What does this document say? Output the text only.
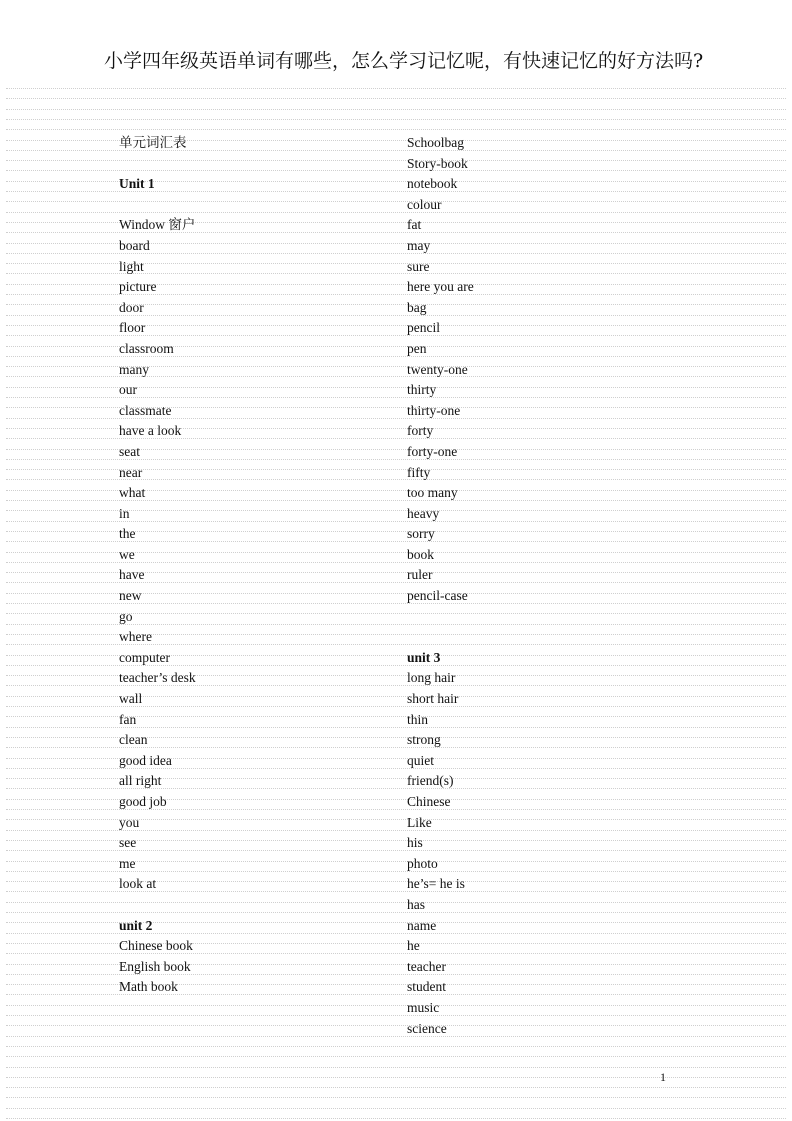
小学四年级英语单词有哪些，怎么学习记忆呢，有快速记忆的好方法吗?
单元词汇表
Unit 1
Window 窗户
board
light
picture
door
floor
classroom
many
our
classmate
have a look
seat
near
what
in
the
we
have
new
go
where
computer
teacher’s desk
wall
fan
clean
good idea
all right
good job
you
see
me
look at
unit 2
Chinese book
English book
Math book
Schoolbag
Story-book
notebook
colour
fat
may
sure
here you are
bag
pencil
pen
twenty-one
thirty
thirty-one
forty
forty-one
fifty
too many
heavy
sorry
book
ruler
pencil-case
unit 3
long hair
short hair
thin
strong
quiet
friend(s)
Chinese
Like
his
photo
he’s= he is
has
name
he
teacher
student
music
science
1
